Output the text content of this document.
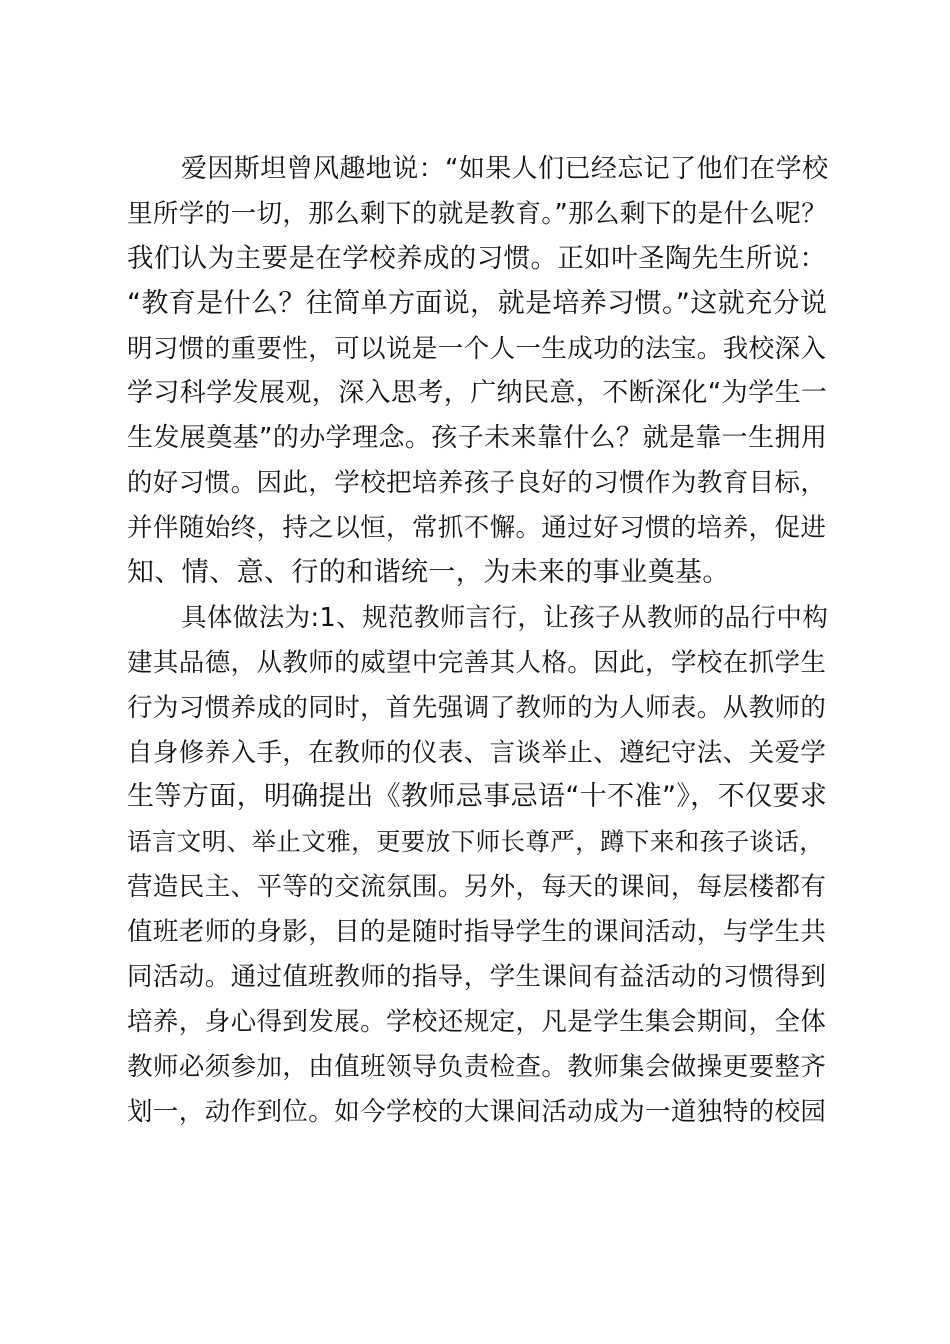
爱因斯坦曾风趣地说：“如果人们已经忘记了他们在学校
里所学的一切，那么剩下的就是教育。”那么剩下的是什么呢？
我们认为主要是在学校养成的习惯。正如叶圣陶先生所说：
“教育是什么？往简单方面说，就是培养习惯。”这就充分说
明习惯的重要性，可以说是一个人一生成功的法宝。我校深入
学习科学发展观，深入思考，广纳民意，不断深化“为学生一
生发展奠基”的办学理念。孩子未来靠什么？就是靠一生拥用
的好习惯。因此，学校把培养孩子良好的习惯作为教育目标，
并伴随始终，持之以恒，常抓不懈。通过好习惯的培养，促进
知、情、意、行的和谐统一，为未来的事业奠基。
具体做法为:1、规范教师言行，让孩子从教师的品行中构
建其品德，从教师的威望中完善其人格。因此，学校在抓学生
行为习惯养成的同时，首先强调了教师的为人师表。从教师的
自身修养入手，在教师的仪表、言谈举止、遵纪守法、关爱学
生等方面，明确提出《教师忌事忌语“十不准”》，不仅要求
语言文明、举止文雅，更要放下师长尊严，蹲下来和孩子谈话，
营造民主、平等的交流氛围。另外，每天的课间，每层楼都有
值班老师的身影，目的是随时指导学生的课间活动，与学生共
同活动。通过值班教师的指导，学生课间有益活动的习惯得到
培养，身心得到发展。学校还规定，凡是学生集会期间，全体
教师必须参加，由值班领导负责检查。教师集会做操更要整齐
划一，动作到位。如今学校的大课间活动成为一道独特的校园
